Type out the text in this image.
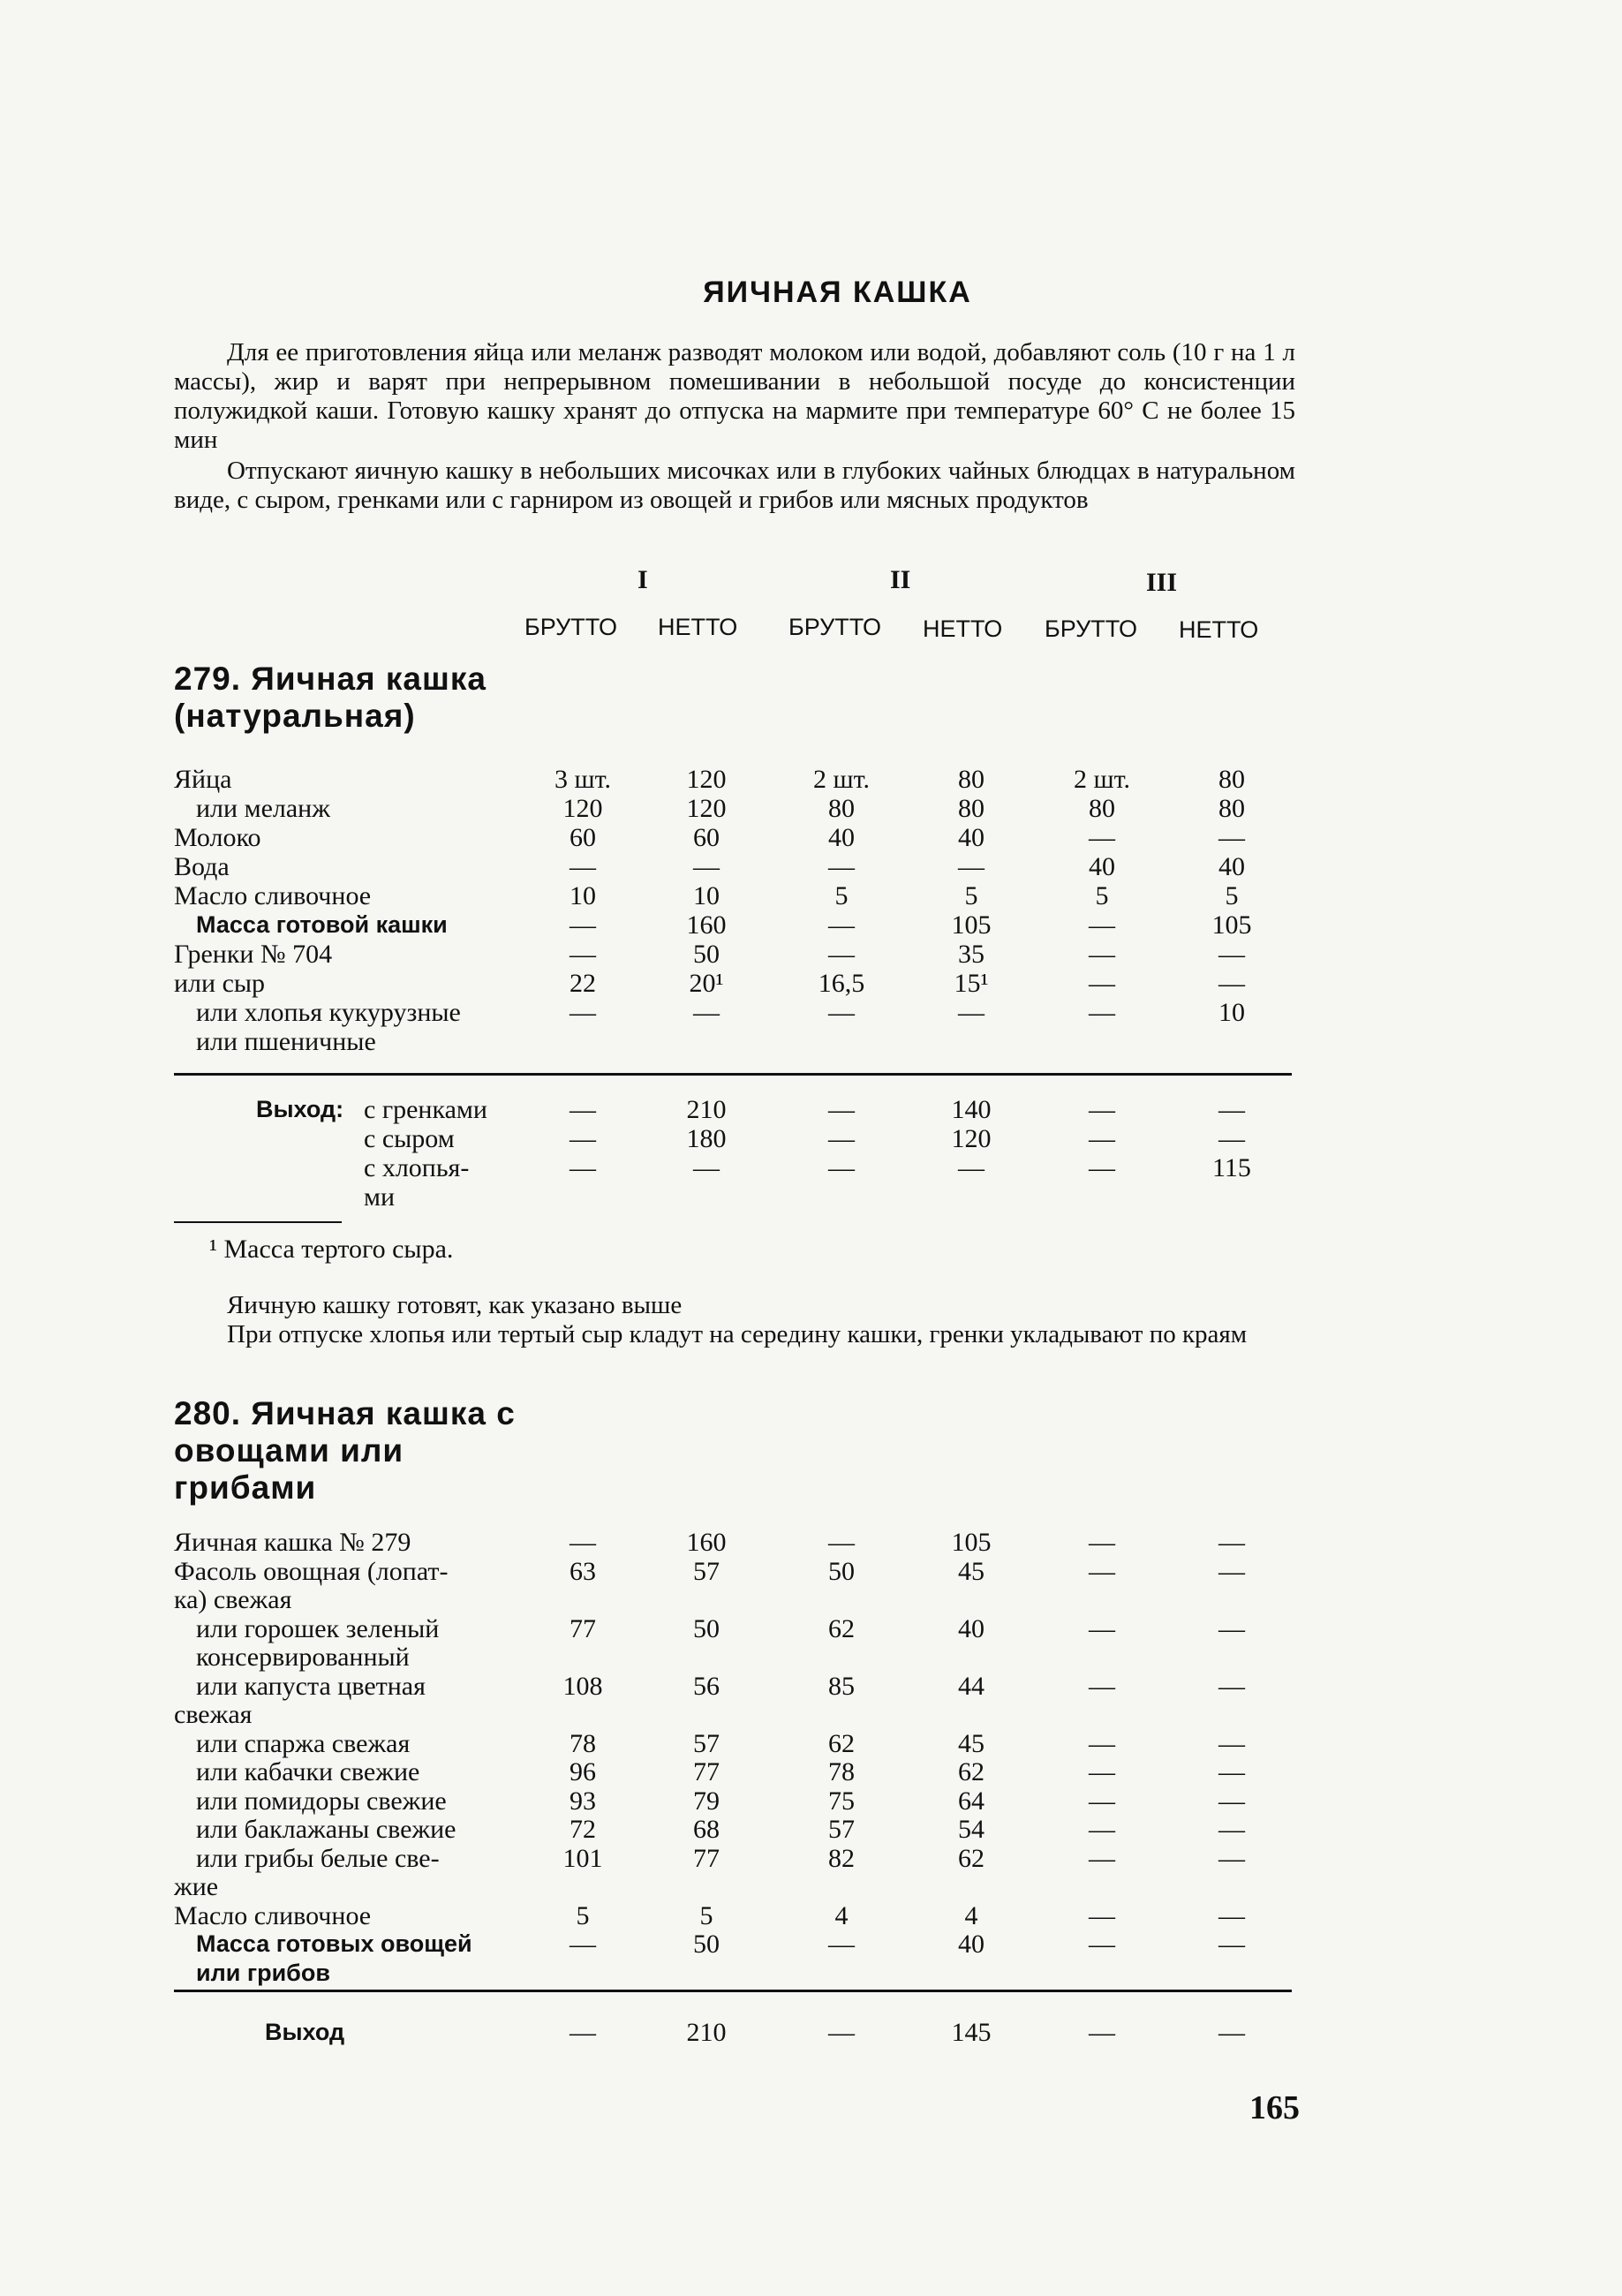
ЯИЧНАЯ КАШКА
Для ее приготовления яйца или меланж разводят молоком или водой, добавляют соль (10 г на 1 л массы), жир и варят при непрерывном помешивании в небольшой посуде до консистенции полужидкой каши. Готовую кашку хранят до отпуска на мармите при температуре 60° С не более 15 мин
Отпускают яичную кашку в небольших мисочках или в глубоких чайных блюдцах в натуральном виде, с сыром, гренками или с гарниром из овощей и грибов или мясных продуктов
I	II	III
БРУТТО НЕТТО БРУТТО НЕТТО БРУТТО НЕТТО
279. Яичная кашка (натуральная)
Яйца	3 шт.	120	2 шт.	80	2 шт.	80
или меланж	120	120	80	80	80	80
Молоко	60	60	40	40	—	—
Вода	—	—	—	—	40	40
Масло сливочное	10	10	5	5	5	5
Масса готовой кашки	—	160	—	105	—	105
Гренки № 704	—	50	—	35	—	—
или сыр	22	20¹	16,5	15¹	—	—
или хлопья кукурузные	—	—	—	—	—	10
или пшеничные
Выход: с гренками	—	210	—	140	—	—
с сыром	—	180	—	120	—	—
с хлопья-	—	—	—	—	—	115
ми
¹ Масса тертого сыра.
Яичную кашку готовят, как указано выше
При отпуске хлопья или тертый сыр кладут на середину кашки, гренки укладывают по краям
280. Яичная кашка с овощами или грибами
Яичная кашка № 279	—	160	—	105	—	—
Фасоль овощная (лопат-	63	57	50	45	—	—
ка) свежая
или горошек зеленый	77	50	62	40	—	—
консервированный
или капуста цветная	108	56	85	44	—	—
свежая
или спаржа свежая	78	57	62	45	—	—
или кабачки свежие	96	77	78	62	—	—
или помидоры свежие	93	79	75	64	—	—
или баклажаны свежие	72	68	57	54	—	—
или грибы белые све-	101	77	82	62	—	—
жие
Масло сливочное	5	5	4	4	—	—
Масса готовых овощей	—	50	—	40	—	—
или грибов
Выход	—	210	—	145	—	—
165
